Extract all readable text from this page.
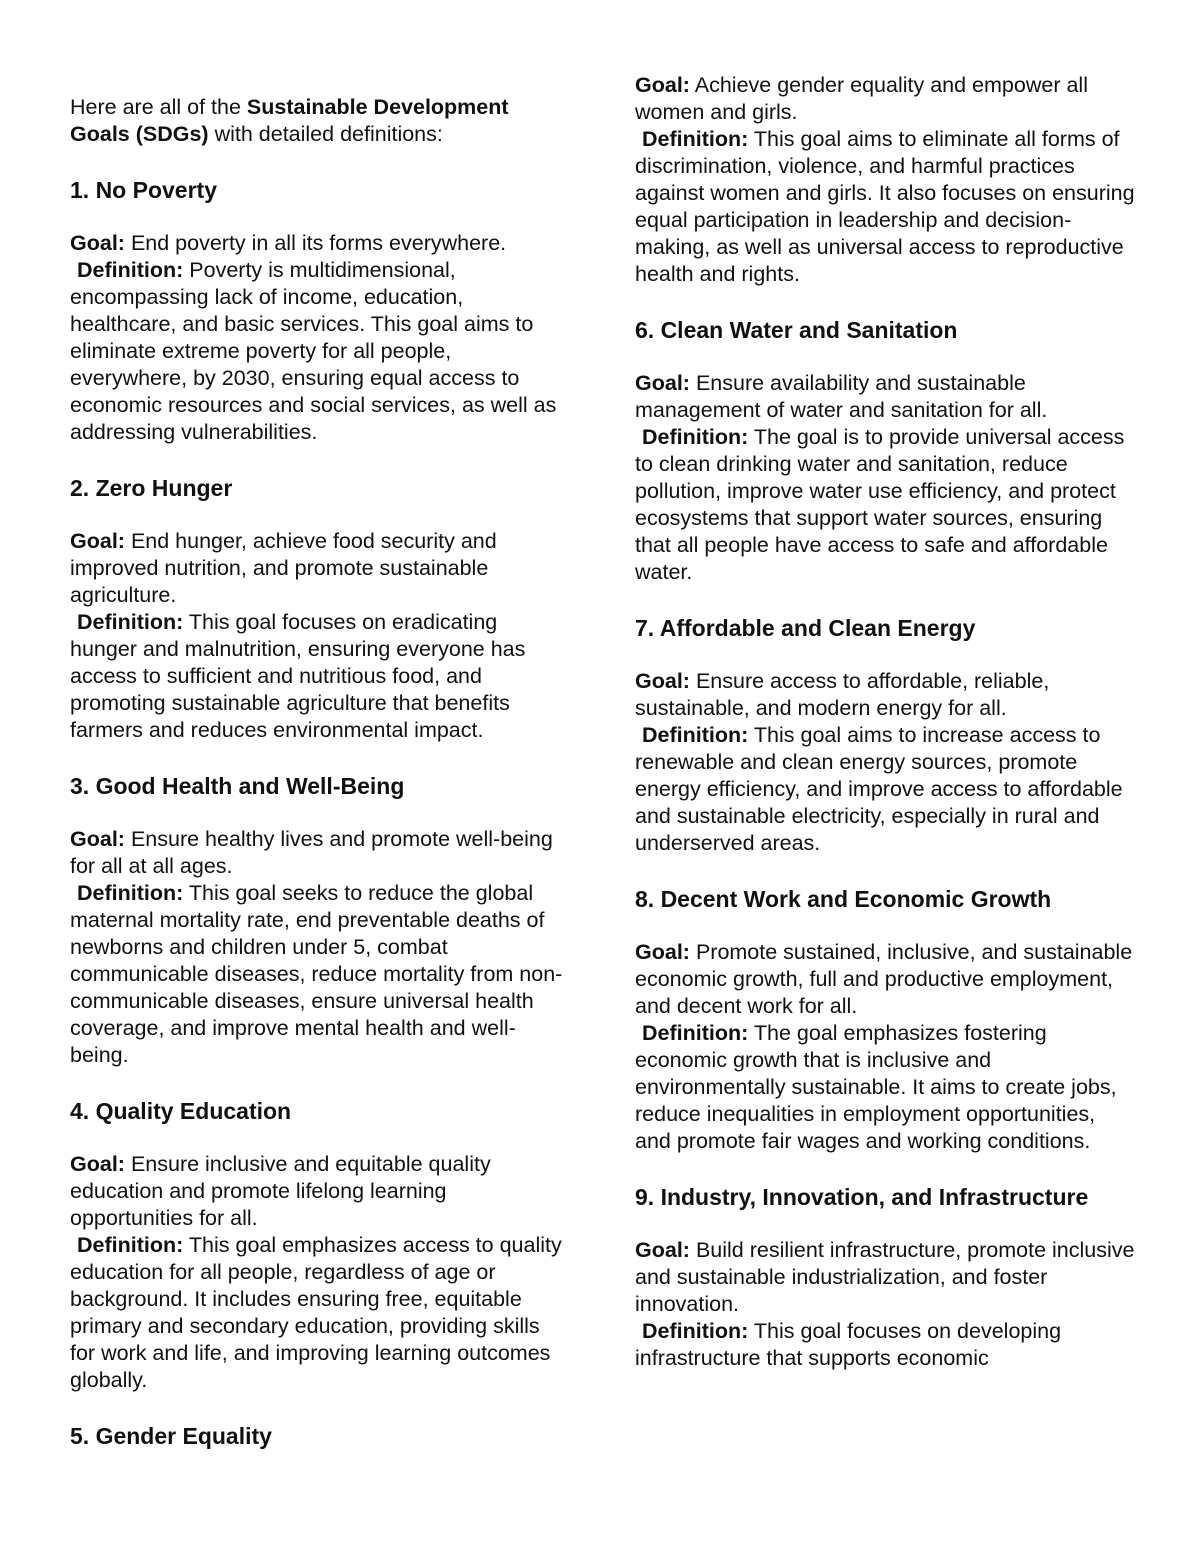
Here are all of the Sustainable Development Goals (SDGs) with detailed definitions:

1. No Poverty

Goal: End poverty in all its forms everywhere.

Definition: Poverty is multidimensional, encompassing lack of income, education, healthcare, and basic services. This goal aims to eliminate extreme poverty for all people, everywhere, by 2030, ensuring equal access to economic resources and social services, as well as addressing vulnerabilities.

2. Zero Hunger

Goal: End hunger, achieve food security and improved nutrition, and promote sustainable agriculture.

Definition: This goal focuses on eradicating hunger and malnutrition, ensuring everyone has access to sufficient and nutritious food, and promoting sustainable agriculture that benefits farmers and reduces environmental impact.

3. Good Health and Well-Being

Goal: Ensure healthy lives and promote well-being for all at all ages.

Definition: This goal seeks to reduce the global maternal mortality rate, end preventable deaths of newborns and children under 5, combat communicable diseases, reduce mortality from non-communicable diseases, ensure universal health coverage, and improve mental health and well-being.

4. Quality Education

Goal: Ensure inclusive and equitable quality education and promote lifelong learning opportunities for all.

Definition: This goal emphasizes access to quality education for all people, regardless of age or background. It includes ensuring free, equitable primary and secondary education, providing skills for work and life, and improving learning outcomes globally.

5. Gender Equality

Goal: Achieve gender equality and empower all women and girls.

Definition: This goal aims to eliminate all forms of discrimination, violence, and harmful practices against women and girls. It also focuses on ensuring equal participation in leadership and decision-making, as well as universal access to reproductive health and rights.

6. Clean Water and Sanitation

Goal: Ensure availability and sustainable management of water and sanitation for all.

Definition: The goal is to provide universal access to clean drinking water and sanitation, reduce pollution, improve water use efficiency, and protect ecosystems that support water sources, ensuring that all people have access to safe and affordable water.

7. Affordable and Clean Energy

Goal: Ensure access to affordable, reliable, sustainable, and modern energy for all.

Definition: This goal aims to increase access to renewable and clean energy sources, promote energy efficiency, and improve access to affordable and sustainable electricity, especially in rural and underserved areas.

8. Decent Work and Economic Growth

Goal: Promote sustained, inclusive, and sustainable economic growth, full and productive employment, and decent work for all.

Definition: The goal emphasizes fostering economic growth that is inclusive and environmentally sustainable. It aims to create jobs, reduce inequalities in employment opportunities, and promote fair wages and working conditions.

9. Industry, Innovation, and Infrastructure

Goal: Build resilient infrastructure, promote inclusive and sustainable industrialization, and foster innovation.

Definition: This goal focuses on developing infrastructure that supports economic
